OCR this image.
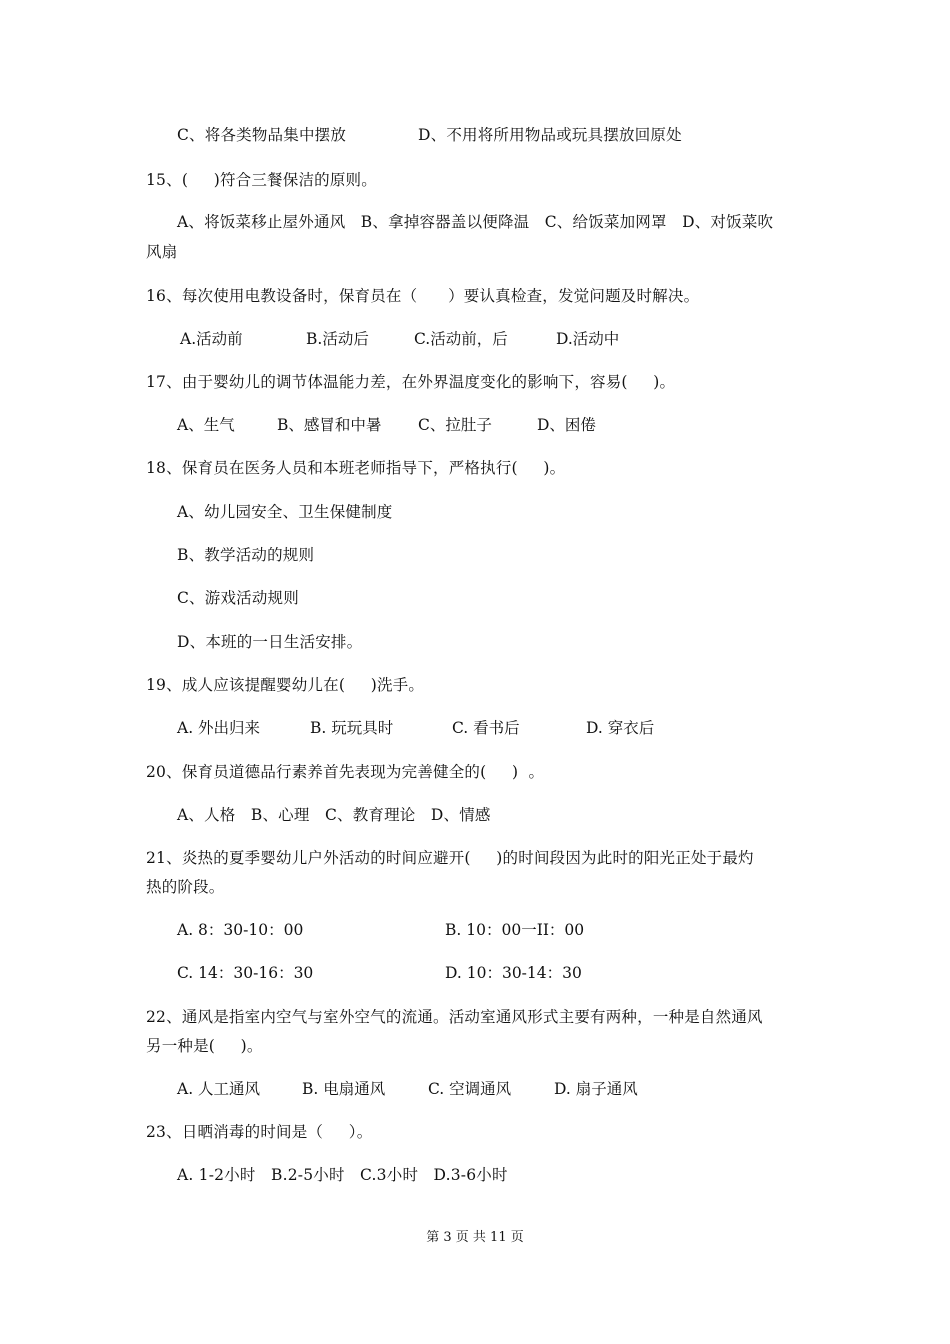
C、将各类物品集中摆放	D、不用将所用物品或玩具摆放回原处
15、(     )符合三餐保洁的原则。
A、将饭菜移止屋外通风   B、拿掉容器盖以便降温   C、给饭菜加网罩   D、对饭菜吹
风扇
16、每次使用电教设备时，保育员在（      ）要认真检查，发觉问题及时解决。
A.活动前	B.活动后	C.活动前，后	D.活动中
17、由于婴幼儿的调节体温能力差，在外界温度变化的影响下，容易(     )。
A、生气	B、感冒和中暑 C、拉肚子	D、困倦
18、保育员在医务人员和本班老师指导下，严格执行(     )。
A、幼儿园安全、卫生保健制度
B、教学活动的规则
C、游戏活动规则
D、本班的一日生活安排。
19、成人应该提醒婴幼儿在(     )洗手。
A. 外出归来	B. 玩玩具时	C. 看书后	D. 穿衣后
20、保育员道德品行素养首先表现为完善健全的(     )  。
A、人格   B、心理   C、教育理论   D、情感
21、炎热的夏季婴幼儿户外活动的时间应避开(     )的时间段因为此时的阳光正处于最灼
热的阶段。
A. 8：30-10：00	B. 10：00一II：00
C. 14：30-16：30	D. 10：30-14：30
22、通风是指室内空气与室外空气的流通。活动室通风形式主要有两种，一种是自然通风
另一种是(     )。
A. 人工通风	B. 电扇通风	C. 空调通风	D. 扇子通风
23、日晒消毒的时间是（     ）。
A. 1-2小时   B.2-5小时   C.3小时   D.3-6小时
第 3 页 共 11 页
